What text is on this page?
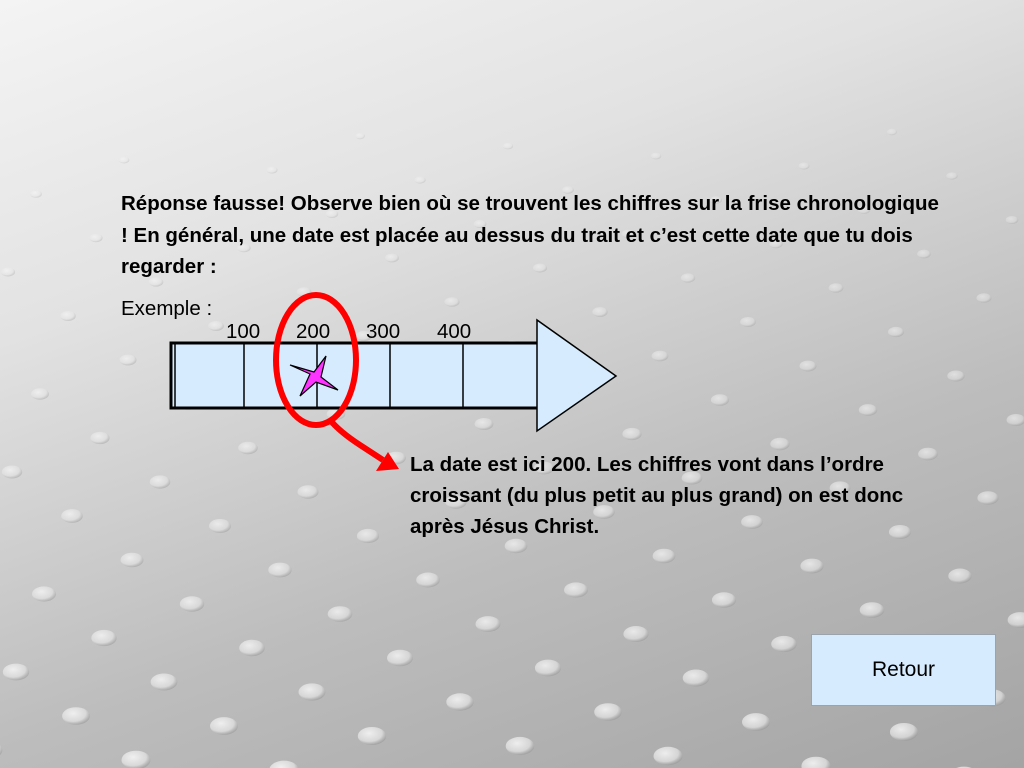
Réponse fausse! Observe bien où se trouvent les chiffres sur la frise chronologique ! En général, une date est placée au dessus du trait et c’est cette date que tu dois regarder :
Exemple :
100 200 300 400
La date est ici 200. Les chiffres vont dans l’ordre croissant (du plus petit au plus grand) on est donc après Jésus Christ.
Retour
